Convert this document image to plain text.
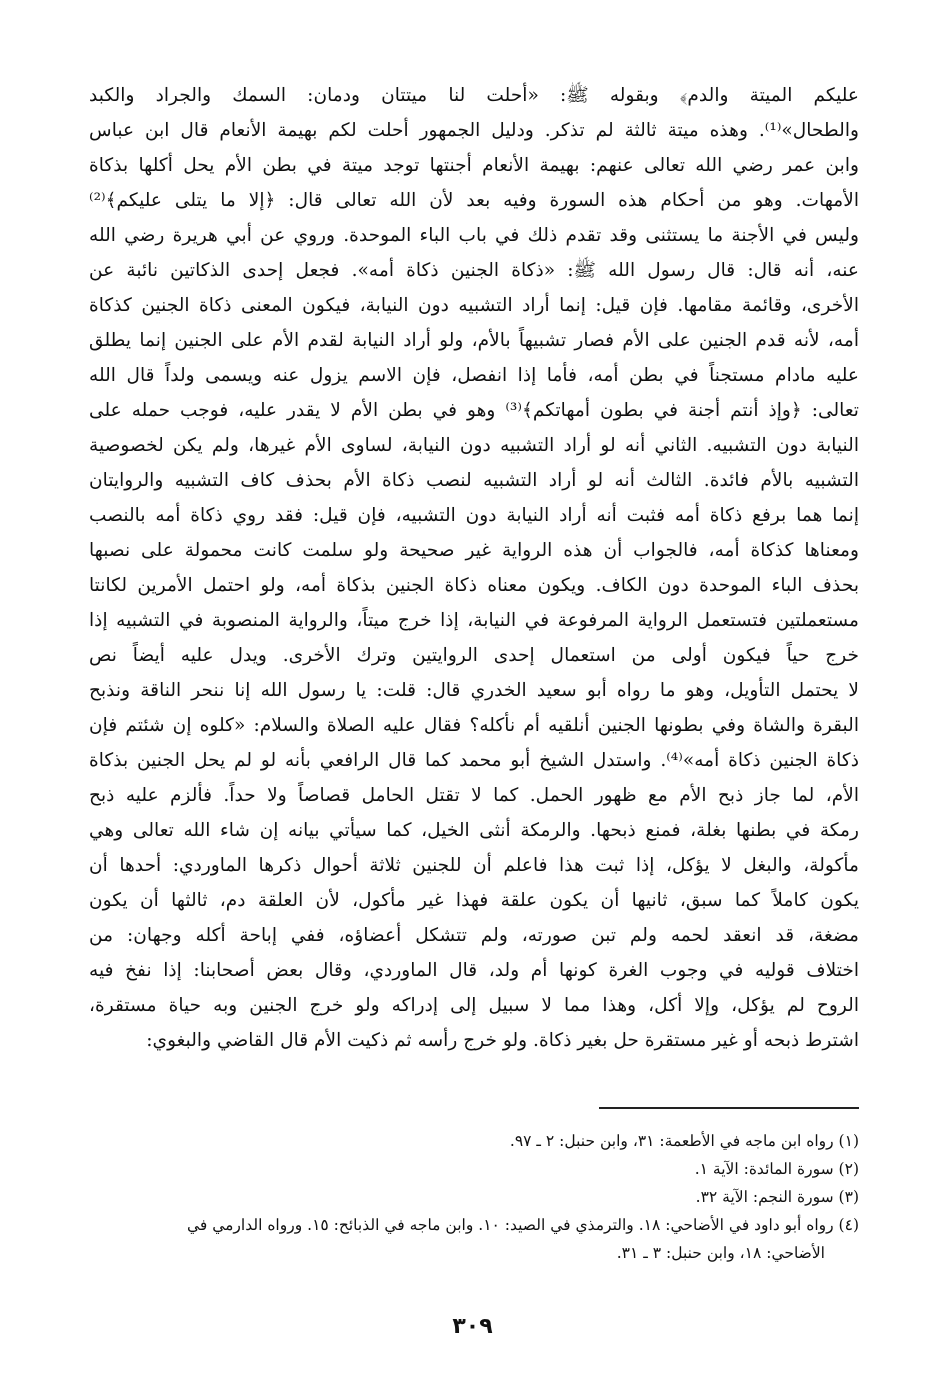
عليكم الميتة والدم﴾ وبقوله ﷺ: «أحلت لنا ميتتان ودمان: السمك والجراد والكبد
والطحال»⁽¹⁾. وهذه ميتة ثالثة لم تذكر. ودليل الجمهور أحلت لكم بهيمة الأنعام قال ابن عباس
وابن عمر رضي الله تعالى عنهم: بهيمة الأنعام أجنتها توجد ميتة في بطن الأم يحل أكلها بذكاة
الأمهات. وهو من أحكام هذه السورة وفيه بعد لأن الله تعالى قال: ﴿إلا ما يتلى عليكم﴾⁽²⁾
وليس في الأجنة ما يستثنى وقد تقدم ذلك في باب الباء الموحدة. وروي عن أبي هريرة رضي الله
عنه، أنه قال: قال رسول الله ﷺ: «ذكاة الجنين ذكاة أمه». فجعل إحدى الذكاتين نائبة عن
الأخرى، وقائمة مقامها. فإن قيل: إنما أراد التشبيه دون النيابة، فيكون المعنى ذكاة الجنين كذكاة
أمه، لأنه قدم الجنين على الأم فصار تشبيهاً بالأم، ولو أراد النيابة لقدم الأم على الجنين إنما يطلق
عليه مادام مستجناً في بطن أمه، فأما إذا انفصل، فإن الاسم يزول عنه ويسمى ولداً قال الله
تعالى: ﴿وإذ أنتم أجنة في بطون أمهاتكم﴾⁽³⁾ وهو في بطن الأم لا يقدر عليه، فوجب حمله على
النيابة دون التشبيه. الثاني أنه لو أراد التشبيه دون النيابة، لساوى الأم غيرها، ولم يكن لخصوصية
التشبيه بالأم فائدة. الثالث أنه لو أراد التشبيه لنصب ذكاة الأم بحذف كاف التشبيه والروايتان
إنما هما برفع ذكاة أمه فثبت أنه أراد النيابة دون التشبيه، فإن قيل: فقد روي ذكاة أمه بالنصب
ومعناها كذكاة أمه، فالجواب أن هذه الرواية غير صحيحة ولو سلمت كانت محمولة على نصبها
بحذف الباء الموحدة دون الكاف. ويكون معناه ذكاة الجنين بذكاة أمه، ولو احتمل الأمرين لكانتا
مستعملتين فتستعمل الرواية المرفوعة في النيابة، إذا خرج ميتاً، والرواية المنصوبة في التشبيه إذا
خرج حياً فيكون أولى من استعمال إحدى الروايتين وترك الأخرى. ويدل عليه أيضاً نص
لا يحتمل التأويل، وهو ما رواه أبو سعيد الخدري قال: قلت: يا رسول الله إنا ننحر الناقة ونذبح
البقرة والشاة وفي بطونها الجنين أنلقيه أم نأكله؟ فقال عليه الصلاة والسلام: «كلوه إن شئتم فإن
ذكاة الجنين ذكاة أمه»⁽⁴⁾. واستدل الشيخ أبو محمد كما قال الرافعي بأنه لو لم يحل الجنين بذكاة
الأم، لما جاز ذبح الأم مع ظهور الحمل. كما لا تقتل الحامل قصاصاً ولا حداً. فألزم عليه ذبح
رمكة في بطنها بغلة، فمنع ذبحها. والرمكة أنثى الخيل، كما سيأتي بيانه إن شاء الله تعالى وهي
مأكولة، والبغل لا يؤكل، إذا ثبت هذا فاعلم أن للجنين ثلاثة أحوال ذكرها الماوردي: أحدها أن
يكون كاملاً كما سبق، ثانيها أن يكون علقة فهذا غير مأكول، لأن العلقة دم، ثالثها أن يكون
مضغة، قد انعقد لحمه ولم تبن صورته، ولم تتشكل أعضاؤه، ففي إباحة أكله وجهان: من
اختلاف قوليه في وجوب الغرة كونها أم ولد، قال الماوردي، وقال بعض أصحابنا: إذا نفخ فيه
الروح لم يؤكل، وإلا أكل، وهذا مما لا سبيل إلى إدراكه ولو خرج الجنين وبه حياة مستقرة،
اشترط ذبحه أو غير مستقرة حل بغير ذكاة. ولو خرج رأسه ثم ذكيت الأم قال القاضي والبغوي:
(١) رواه ابن ماجه في الأطعمة: ٣١، وابن حنبل: ٢ ـ ٩٧.
(٢) سورة المائدة: الآية ١.
(٣) سورة النجم: الآية ٣٢.
(٤) رواه أبو داود في الأضاحي: ١٨. والترمذي في الصيد: ١٠. وابن ماجه في الذبائح: ١٥. ورواه الدارمي في
الأضاحي: ١٨، وابن حنبل: ٣ ـ ٣١.
٣٠٩
